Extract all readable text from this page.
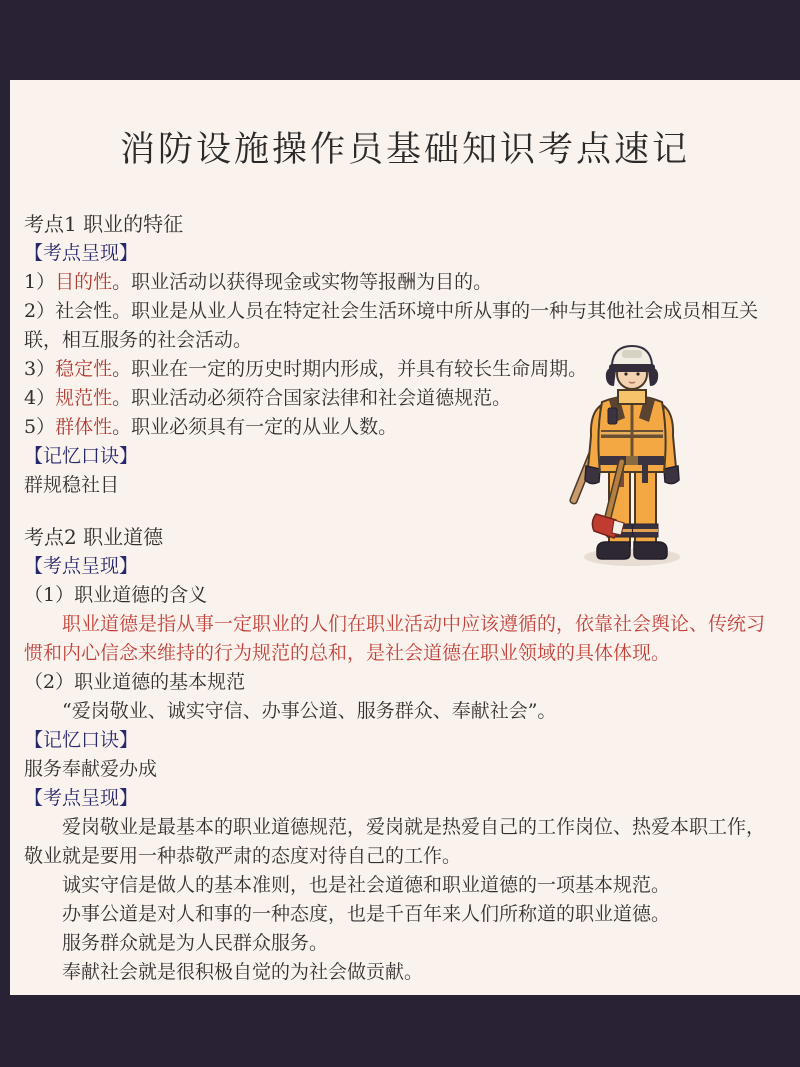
消防设施操作员基础知识考点速记
考点1 职业的特征
【考点呈现】
1）目的性。职业活动以获得现金或实物等报酬为目的。
2）社会性。职业是从业人员在特定社会生活环境中所从事的一种与其他社会成员相互关联，相互服务的社会活动。
3）稳定性。职业在一定的历史时期内形成，并具有较长生命周期。
4）规范性。职业活动必须符合国家法律和社会道德规范。
5）群体性。职业必须具有一定的从业人数。
【记忆口诀】
群规稳社目
考点2 职业道德
【考点呈现】
（1）职业道德的含义
职业道德是指从事一定职业的人们在职业活动中应该遵循的，依靠社会舆论、传统习惯和内心信念来维持的行为规范的总和，是社会道德在职业领域的具体体现。
（2）职业道德的基本规范
“爱岗敬业、诚实守信、办事公道、服务群众、奉献社会”。
【记忆口诀】
服务奉献爱办成
【考点呈现】
爱岗敬业是最基本的职业道德规范，爱岗就是热爱自己的工作岗位、热爱本职工作，敬业就是要用一种恭敬严肃的态度对待自己的工作。
诚实守信是做人的基本准则，也是社会道德和职业道德的一项基本规范。
办事公道是对人和事的一种态度，也是千百年来人们所称道的职业道德。
服务群众就是为人民群众服务。
奉献社会就是很积极自觉的为社会做贡献。
